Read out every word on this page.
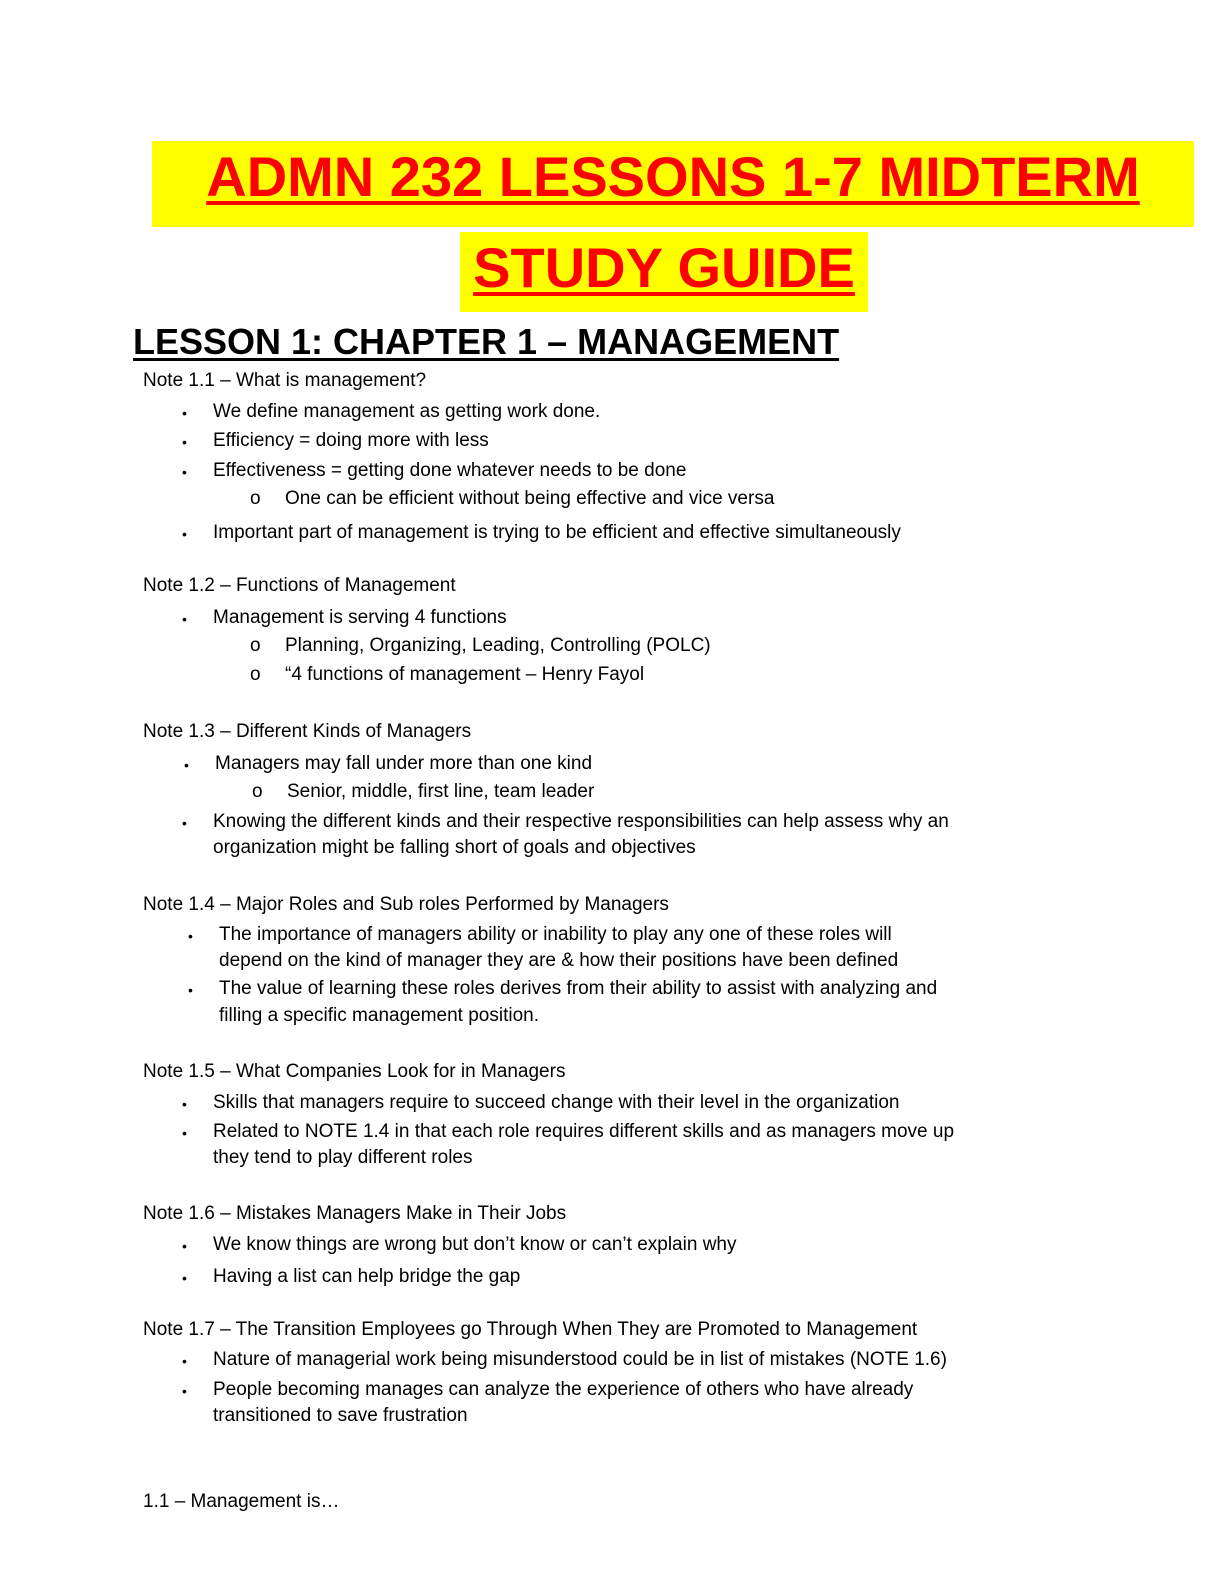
ADMN 232 LESSONS 1-7 MIDTERM
STUDY GUIDE
LESSON 1: CHAPTER 1 – MANAGEMENT
Note 1.1 – What is management?
• We define management as getting work done.
• Efficiency = doing more with less
• Effectiveness = getting done whatever needs to be done
o One can be efficient without being effective and vice versa
• Important part of management is trying to be efficient and effective simultaneously
Note 1.2 – Functions of Management
• Management is serving 4 functions
o Planning, Organizing, Leading, Controlling (POLC)
o “4 functions of management – Henry Fayol
Note 1.3 – Different Kinds of Managers
• Managers may fall under more than one kind
o Senior, middle, first line, team leader
• Knowing the different kinds and their respective responsibilities can help assess why an
organization might be falling short of goals and objectives
Note 1.4 – Major Roles and Sub roles Performed by Managers
• The importance of managers ability or inability to play any one of these roles will
depend on the kind of manager they are & how their positions have been defined
• The value of learning these roles derives from their ability to assist with analyzing and
filling a specific management position.
Note 1.5 – What Companies Look for in Managers
• Skills that managers require to succeed change with their level in the organization
• Related to NOTE 1.4 in that each role requires different skills and as managers move up
they tend to play different roles
Note 1.6 – Mistakes Managers Make in Their Jobs
• We know things are wrong but don’t know or can’t explain why
• Having a list can help bridge the gap
Note 1.7 – The Transition Employees go Through When They are Promoted to Management
• Nature of managerial work being misunderstood could be in list of mistakes (NOTE 1.6)
• People becoming manages can analyze the experience of others who have already
transitioned to save frustration
1.1 – Management is…
